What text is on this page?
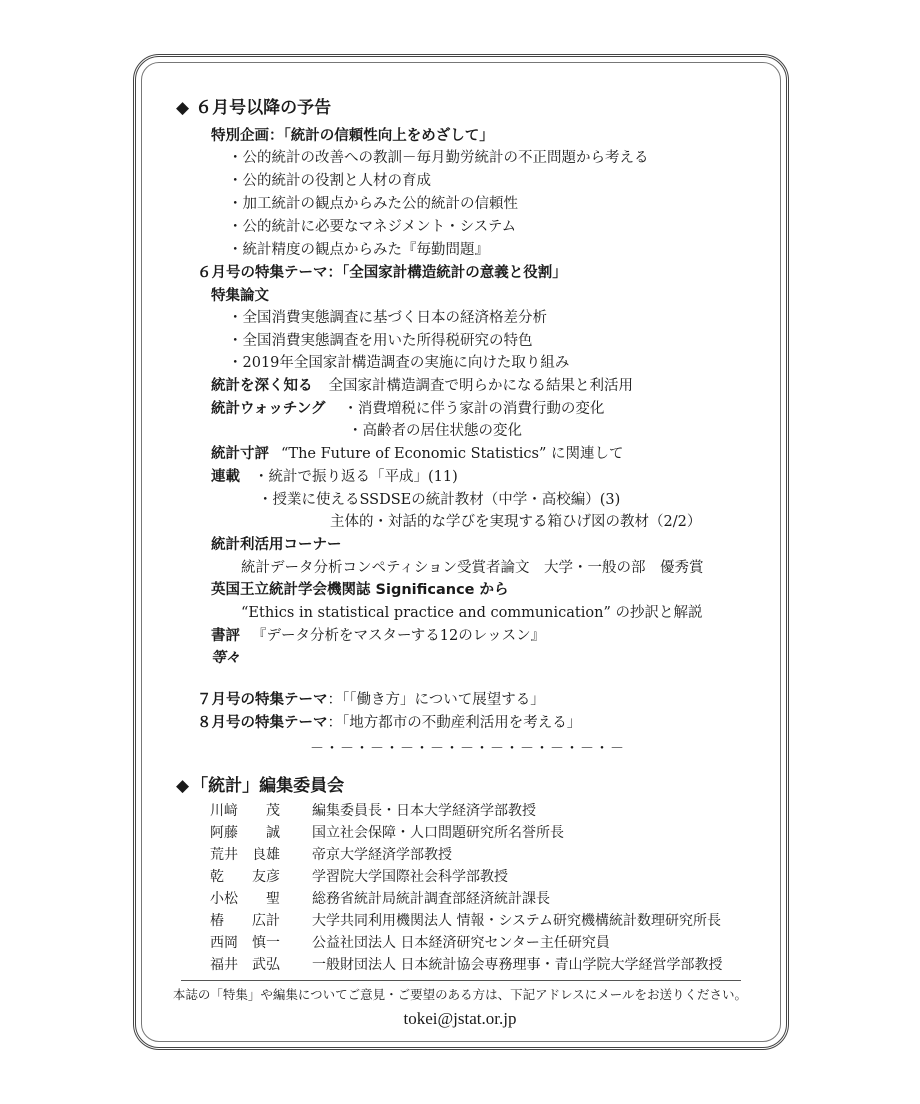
◆ ６月号以降の予告
特別企画：「統計の信頼性向上をめざして」
・公的統計の改善への教訓－毎月勤労統計の不正問題から考える
・公的統計の役割と人材の育成
・加工統計の観点からみた公的統計の信頼性
・公的統計に必要なマネジメント・システム
・統計精度の観点からみた『毎勤問題』
６月号の特集テーマ：「全国家計構造統計の意義と役割」
特集論文
・全国消費実態調査に基づく日本の経済格差分析
・全国消費実態調査を用いた所得税研究の特色
・2019年全国家計構造調査の実施に向けた取り組み
統計を深く知る 全国家計構造調査で明らかになる結果と利活用
統計ウォッチング ・消費増税に伴う家計の消費行動の変化
・高齢者の居住状態の変化
統計寸評 “The Future of Economic Statistics” に関連して
連載 ・統計で振り返る「平成」(11)
・授業に使えるSSDSEの統計教材（中学・高校編）(3)
主体的・対話的な学びを実現する箱ひげ図の教材（2/2）
統計利活用コーナー
統計データ分析コンペティション受賞者論文　大学・一般の部　優秀賞
英国王立統計学会機関誌 Significance から
“Ethics in statistical practice and communication” の抄訳と解説
書評 『データ分析をマスターする12のレッスン』
等々
７月号の特集テーマ：「「働き方」について展望する」
８月号の特集テーマ：「地方都市の不動産利活用を考える」
－・－・－・－・－・－・－・－・－・－・－
◆ 「統計」編集委員会
川﨑　　茂 編集委員長・日本大学経済学部教授
阿藤　　誠 国立社会保障・人口問題研究所名誉所長
荒井　良雄 帝京大学経済学部教授
乾　　友彦 学習院大学国際社会科学部教授
小松　　聖 総務省統計局統計調査部経済統計課長
椿　　広計 大学共同利用機関法人 情報・システム研究機構統計数理研究所長
西岡　慎一 公益社団法人 日本経済研究センター主任研究員
福井　武弘 一般財団法人 日本統計協会専務理事・青山学院大学経営学部教授
本誌の「特集」や編集についてご意見・ご要望のある方は、下記アドレスにメールをお送りください。
tokei@jstat.or.jp
